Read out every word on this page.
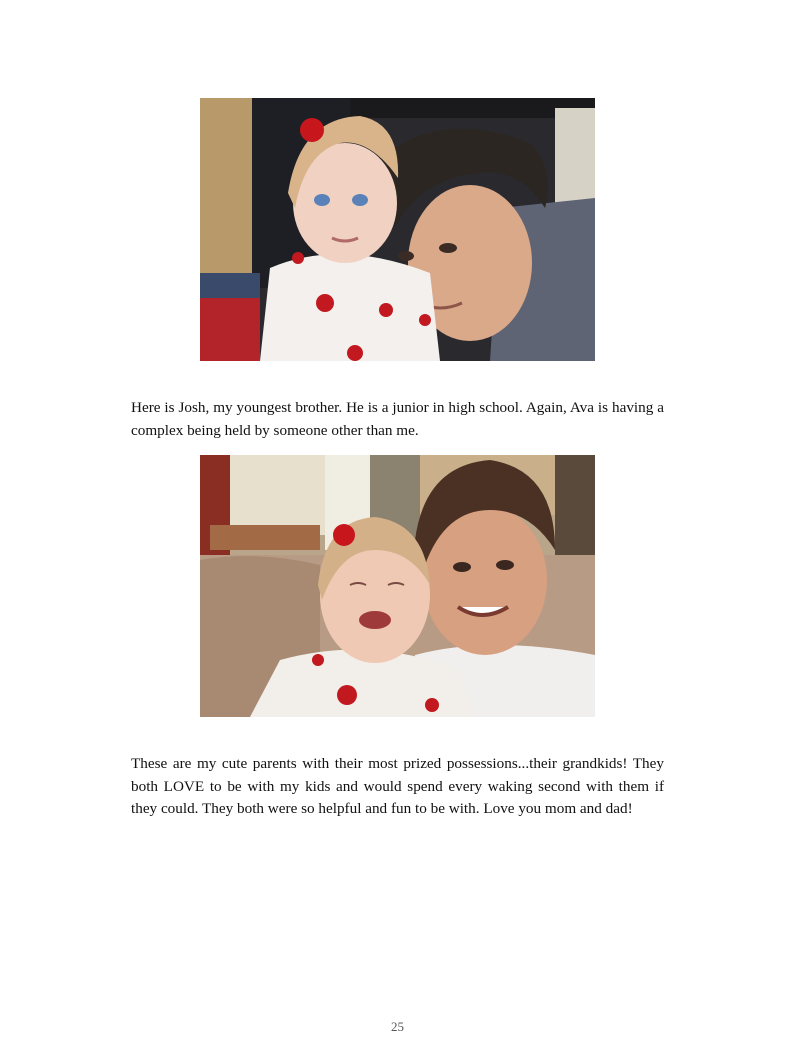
Here is Josh, my youngest brother. He is a junior in high school. Again, Ava is having a complex being held by someone other than me.

These are my cute parents with their most prized possessions...their grandkids! They both LOVE to be with my kids and would spend every waking second with them if they could. They both were so helpful and fun to be with. Love you mom and dad!

25
